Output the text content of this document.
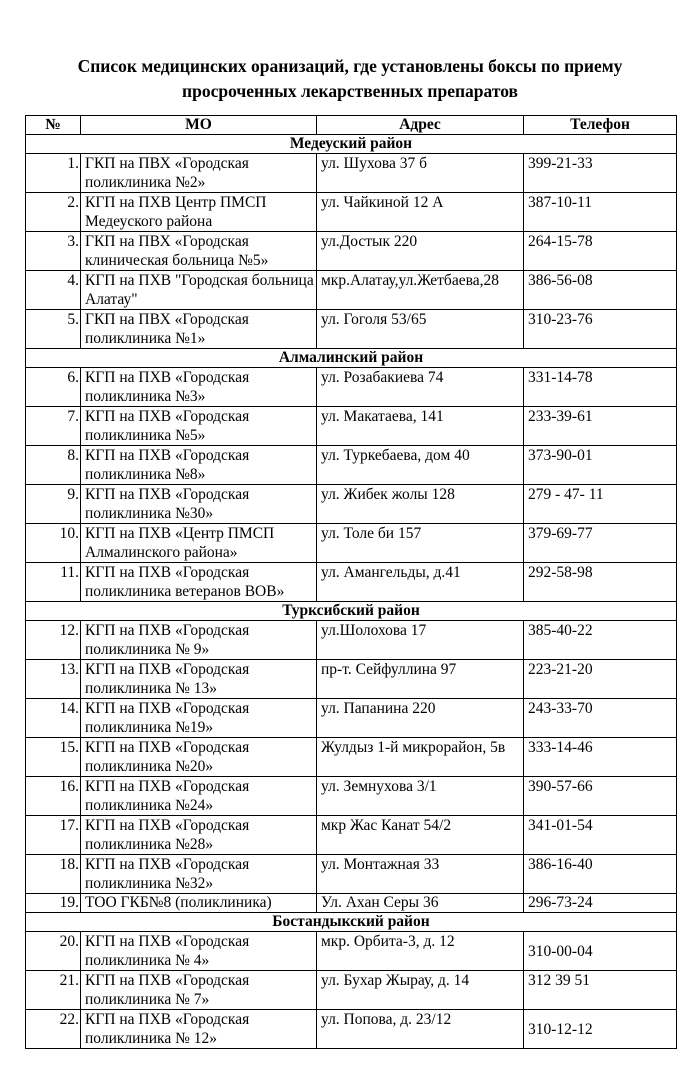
Список медицинских оранизаций, где установлены боксы по приему
просроченных лекарственных препаратов
№	МО	Адрес	Телефон
Медеуский район			
1.	ГКП на ПВХ «Городская поликлиника №2»	ул. Шухова 37 б	399-21-33
2.	КГП на ПХВ Центр ПМСП Медеуского района	ул. Чайкиной 12 А	387-10-11
3.	ГКП на ПВХ «Городская клиническая больница №5»	ул.Достык 220	264-15-78
4.	КГП на ПХВ "Городская больница Алатау"	мкр.Алатау,ул.Жетбаева,28	386-56-08
5.	ГКП на ПВХ «Городская поликлиника №1»	ул. Гоголя 53/65	310-23-76
Алмалинский район			
6.	КГП на ПХВ «Городская поликлиника №3»	ул. Розабакиева 74	331-14-78
7.	КГП на ПХВ «Городская поликлиника №5»	ул. Макатаева, 141	233-39-61
8.	КГП на ПХВ «Городская поликлиника №8»	ул. Туркебаева, дом 40	373-90-01
9.	КГП на ПХВ «Городская поликлиника №30»	ул. Жибек жолы 128	279 - 47- 11
10.	КГП на ПХВ «Центр ПМСП Алмалинского района»	ул. Толе би 157	379-69-77
11.	КГП на ПХВ «Городская поликлиника ветеранов ВОВ»	ул. Амангельды, д.41	292-58-98
Турксибский район			
12.	КГП на ПХВ «Городская поликлиника № 9»	ул.Шолохова 17	385-40-22
13.	КГП на ПХВ «Городская поликлиника № 13»	пр-т. Сейфуллина 97	223-21-20
14.	КГП на ПХВ «Городская поликлиника №19»	ул. Папанина 220	243-33-70
15.	КГП на ПХВ «Городская поликлиника №20»	Жулдыз 1-й микрорайон, 5в	333-14-46
16.	КГП на ПХВ «Городская поликлиника №24»	ул. Земнухова 3/1	390-57-66
17.	КГП на ПХВ «Городская поликлиника №28»	мкр Жас Канат 54/2	341-01-54
18.	КГП на ПХВ «Городская поликлиника №32»	ул. Монтажная 33	386-16-40
19.	ТОО ГКБ№8 (поликлиника)	Ул. Ахан Серы 36	296-73-24
Бостандыкский район			
20.	КГП на ПХВ «Городская поликлиника № 4»	мкр. Орбита-3, д. 12	310-00-04
21.	КГП на ПХВ «Городская поликлиника № 7»	ул. Бухар Жырау, д. 14	312 39 51
22.	КГП на ПХВ «Городская поликлиника № 12»	ул. Попова, д. 23/12	310-12-12
